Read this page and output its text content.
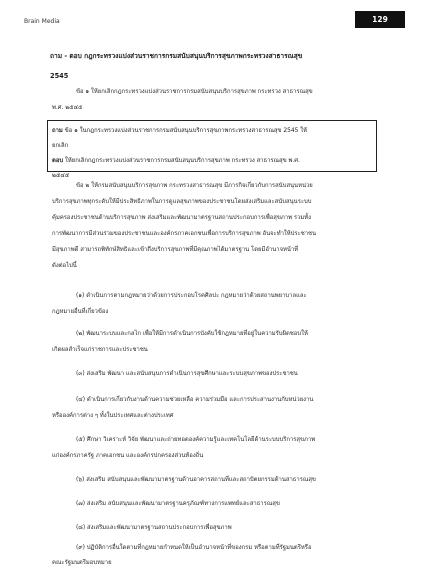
Brain Media	129
ถาม - ตอบ กฎกระทรวงแบ่งส่วนราชการกรมสนับสนุนบริการสุขภาพกระทรวงสาธารณสุข
2545
ข้อ ๑ ให้ยกเลิกกฎกระทรวงแบ่งส่วนราชการกรมสนับสนุนบริการสุขภาพ กระทรวง สาธารณสุข
พ.ศ. ๒๕๔๕
ถาม ข้อ ๑ ในกฎกระทรวงแบ่งส่วนราชการกรมสนับสนุนบริการสุขภาพกระทรวงสาธารณสุข 2545 ให้
ยกเลิก
ตอบ ให้ยกเลิกกฎกระทรวงแบ่งส่วนราชการกรมสนับสนุนบริการสุขภาพ กระทรวง สาธารณสุข พ.ศ.
๒๕๔๕
ข้อ ๒ ให้กรมสนับสนุนบริการสุขภาพ กระทรวงสาธารณสุข มีภารกิจเกี่ยวกับการสนับสนุนหน่วย
บริการสุขภาพทุกระดับให้มีประสิทธิภาพในการดูแลสุขภาพของประชาชนโดยส่งเสริมและสนับสนุนระบบ
คุ้มครองประชาชนด้านบริการสุขภาพ ส่งเสริมและพัฒนามาตรฐานสถานประกอบการเพื่อสุขภาพ รวมทั้ง
การพัฒนาการมีส่วนร่วมของประชาชนและองค์กรภาคเอกชนเพื่อการบริการสุขภาพ อันจะทำให้ประชาชน
มีสุขภาพดี สามารถพิทักษ์สิทธิและเข้าถึงบริการสุขภาพที่มีคุณภาพได้มาตรฐาน โดยมีอำนาจหน้าที่
ดังต่อไปนี้
(๑) ดำเนินการตามกฎหมายว่าด้วยการประกอบโรคศิลปะ กฎหมายว่าด้วยสถานพยาบาลและ
กฎหมายอื่นที่เกี่ยวข้อง
(๒) พัฒนาระบบและกลไก เพื่อให้มีการดำเนินการบังคับใช้กฎหมายที่อยู่ในความรับผิดชอบให้
เกิดผลสำเร็จแก่ราชการและประชาชน
(๓) ส่งเสริม พัฒนา และสนับสนุนการดำเนินการสุขศึกษาและระบบสุขภาพของประชาชน
(๔) ดำเนินการเกี่ยวกับงานด้านความช่วยเหลือ ความร่วมมือ และการประสานงานกับหน่วยงาน
หรือองค์การต่าง ๆ ทั้งในประเทศและต่างประเทศ
(๕) ศึกษา วิเคราะห์ วิจัย พัฒนาและถ่ายทอดองค์ความรู้และเทคโนโลยีด้านระบบบริการสุขภาพ
แก่องค์กรภาครัฐ ภาคเอกชน และองค์กรปกครองส่วนท้องถิ่น
(๖) ส่งเสริม สนับสนุนและพัฒนามาตรฐานด้านอาคารสถานที่และสถาปัตยกรรมด้านสาธารณสุข
(๗) ส่งเสริม สนับสนุนและพัฒนามาตรฐานครุภัณฑ์ทางการแพทย์และสาธารณสุข
(๘) ส่งเสริมและพัฒนามาตรฐานสถานประกอบการเพื่อสุขภาพ
(๙) ปฏิบัติการอื่นใดตามที่กฎหมายกำหนดให้เป็นอำนาจหน้าที่ของกรม หรือตามที่รัฐมนตรีหรือ
คณะรัฐมนตรีมอบหมาย
